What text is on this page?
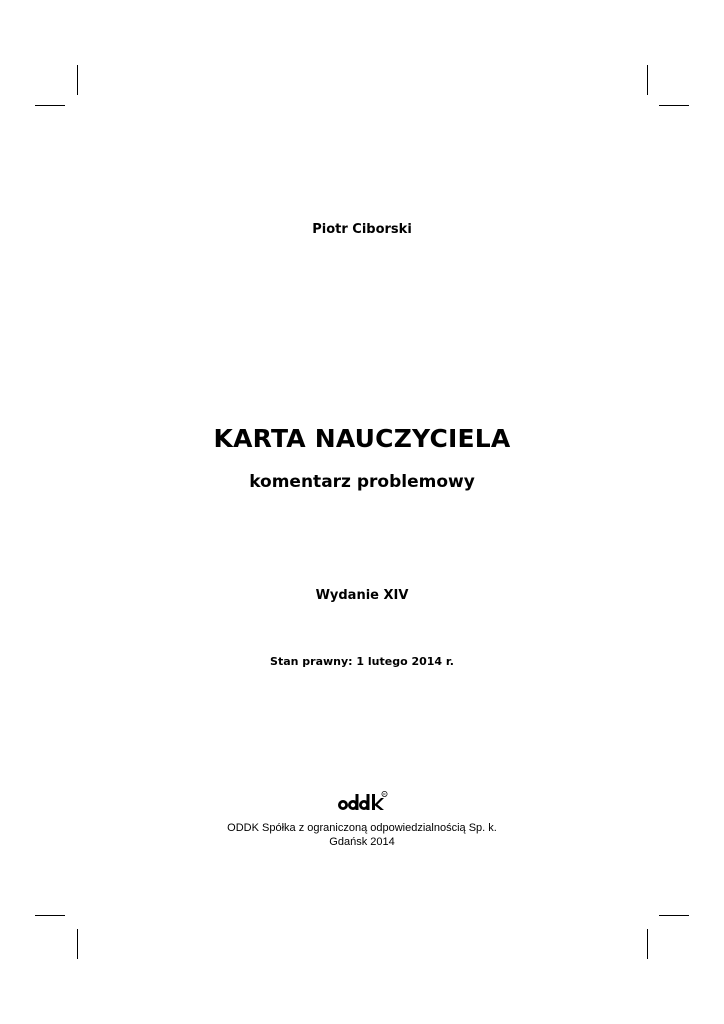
Piotr Ciborski
KARTA NAUCZYCIELA
komentarz problemowy
Wydanie XIV
Stan prawny: 1 lutego 2014 r.
R
ODDK Spółka z ograniczoną odpowiedzialnością Sp. k.
Gdańsk 2014
